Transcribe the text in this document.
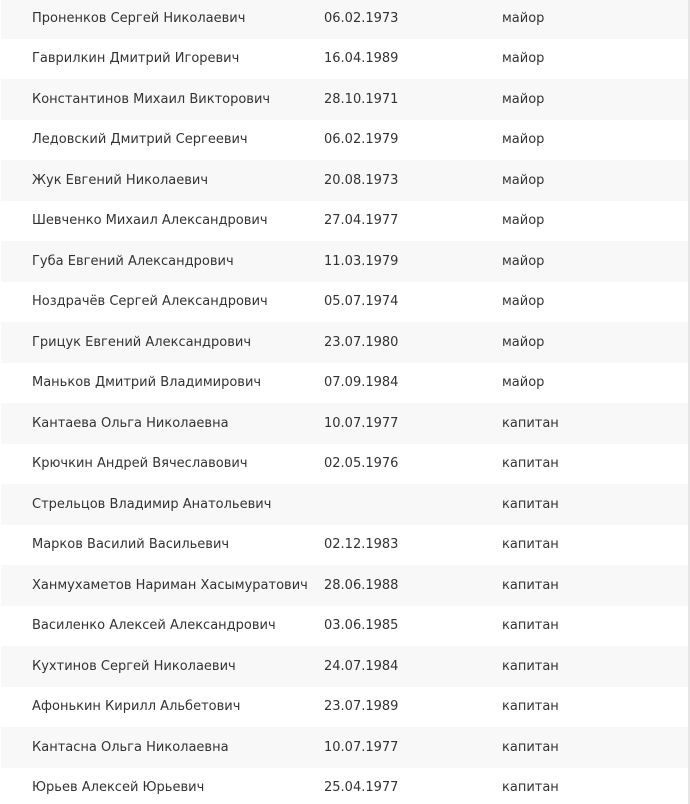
Проненков Сергей Николаевич	06.02.1973	майор
Гаврилкин Дмитрий Игоревич	16.04.1989	майор
Константинов Михаил Викторович	28.10.1971	майор
Ледовский Дмитрий Сергеевич	06.02.1979	майор
Жук Евгений Николаевич	20.08.1973	майор
Шевченко Михаил Александрович	27.04.1977	майор
Губа Евгений Александрович	11.03.1979	майор
Ноздрачёв Сергей Александрович	05.07.1974	майор
Грицук Евгений Александрович	23.07.1980	майор
Маньков Дмитрий Владимирович	07.09.1984	майор
Кантаева Ольга Николаевна	10.07.1977	капитан
Крючкин Андрей Вячеславович	02.05.1976	капитан
Стрельцов Владимир Анатольевич		капитан
Марков Василий Васильевич	02.12.1983	капитан
Ханмухаметов Нариман Хасымуратович	28.06.1988	капитан
Василенко Алексей Александрович	03.06.1985	капитан
Кухтинов Сергей Николаевич	24.07.1984	капитан
Афонькин Кирилл Альбетович	23.07.1989	капитан
Кантасна Ольга Николаевна	10.07.1977	капитан
Юрьев Алексей Юрьевич	25.04.1977	капитан
